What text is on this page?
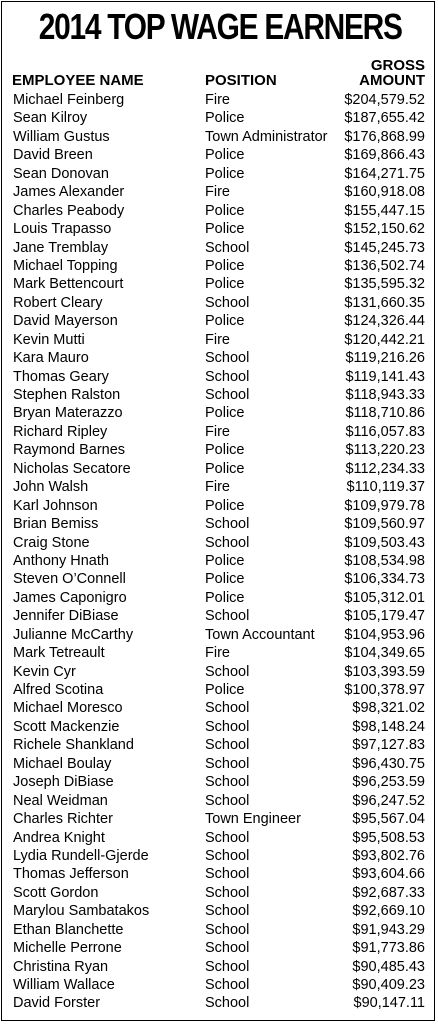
2014 TOP WAGE EARNERS
EMPLOYEE NAME	POSITION
GROSS
AMOUNT
Michael Feinberg	Fire	$204,579.52
Sean Kilroy	Police	$187,655.42
William Gustus	Town Administrator $176,868.99
David Breen	Police	$169,866.43
Sean Donovan	Police	$164,271.75
James Alexander	Fire	$160,918.08
Charles Peabody	Police	$155,447.15
Louis Trapasso	Police	$152,150.62
Jane Tremblay	School	$145,245.73
Michael Topping	Police	$136,502.74
Mark Bettencourt	Police	$135,595.32
Robert Cleary	School	$131,660.35
David Mayerson	Police	$124,326.44
Kevin Mutti	Fire	$120,442.21
Kara Mauro	School	$119,216.26
Thomas Geary	School	$119,141.43
Stephen Ralston	School	$118,943.33
Bryan Materazzo	Police	$118,710.86
Richard Ripley	Fire	$116,057.83
Raymond Barnes	Police	$113,220.23
Nicholas Secatore	Police	$112,234.33
John Walsh	Fire	$110,119.37
Karl Johnson	Police	$109,979.78
Brian Bemiss	School	$109,560.97
Craig Stone	School	$109,503.43
Anthony Hnath	Police	$108,534.98
Steven O’Connell	Police	$106,334.73
James Caponigro	Police	$105,312.01
Jennifer DiBiase	School	$105,179.47
Julianne McCarthy	Town Accountant $104,953.96
Mark Tetreault	Fire	$104,349.65
Kevin Cyr	School	$103,393.59
Alfred Scotina	Police	$100,378.97
Michael Moresco	School	$98,321.02
Scott Mackenzie	School	$98,148.24
Richele Shankland	School	$97,127.83
Michael Boulay	School	$96,430.75
Joseph DiBiase	School	$96,253.59
Neal Weidman	School	$96,247.52
Charles Richter	Town Engineer	$95,567.04
Andrea Knight	School	$95,508.53
Lydia Rundell-Gjerde	School	$93,802.76
Thomas Jefferson	School	$93,604.66
Scott Gordon	School	$92,687.33
Marylou Sambatakos	School	$92,669.10
Ethan Blanchette	School	$91,943.29
Michelle Perrone	School	$91,773.86
Christina Ryan	School	$90,485.43
William Wallace	School	$90,409.23
David Forster	School	$90,147.11
